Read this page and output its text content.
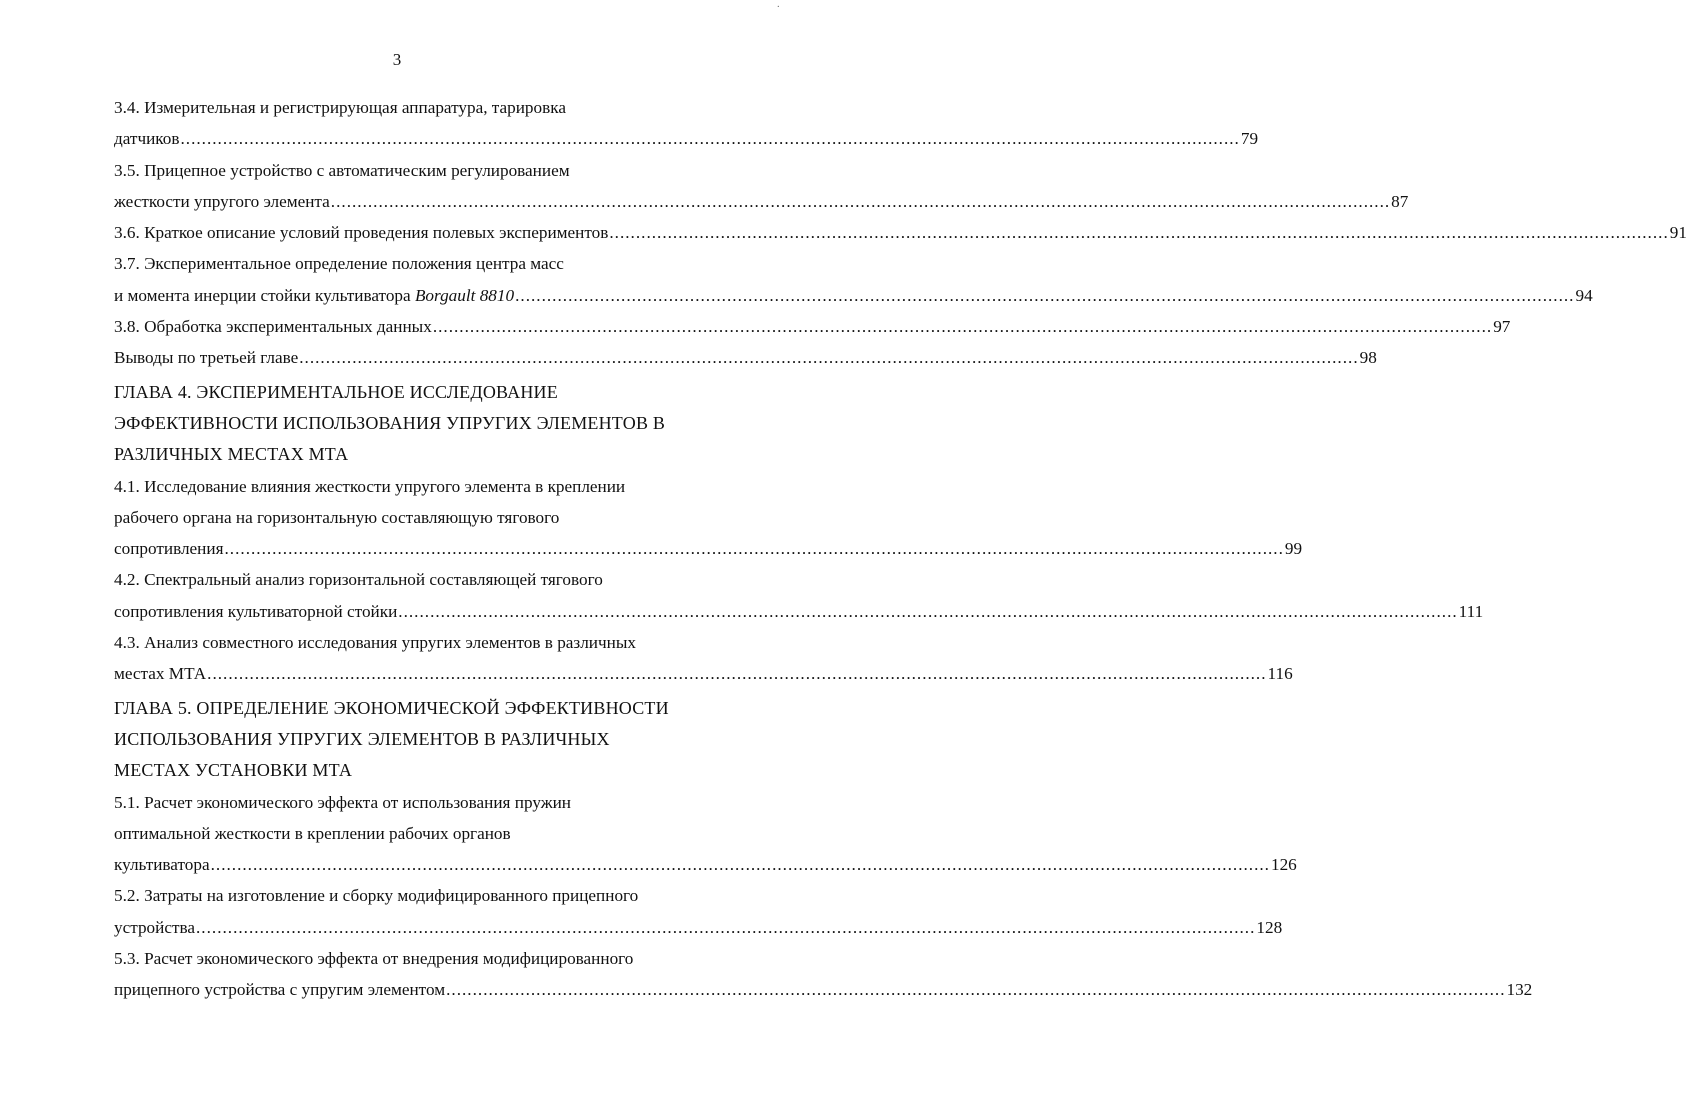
·
3
3.4. Измерительная и регистрирующая аппаратура, тарировка
датчиков ........................................................................................................................................................................................................ 79
3.5. Прицепное устройство с автоматическим регулированием
жесткости упругого элемента ........................................................................................................................................................................................................ 87
3.6. Краткое описание условий проведения полевых экспериментов ........................................................................................................................................................................................................ 91
3.7. Экспериментальное определение положения центра масс
и момента инерции стойки культиватора Borgault 8810 ........................................................................................................................................................................................................ 94
3.8. Обработка экспериментальных данных ........................................................................................................................................................................................................ 97
Выводы по третьей главе ........................................................................................................................................................................................................ 98
ГЛАВА 4. ЭКСПЕРИМЕНТАЛЬНОЕ ИССЛЕДОВАНИЕ
ЭФФЕКТИВНОСТИ ИСПОЛЬЗОВАНИЯ УПРУГИХ ЭЛЕМЕНТОВ В
РАЗЛИЧНЫХ МЕСТАХ МТА
4.1. Исследование влияния жесткости упругого элемента в креплении
рабочего органа на горизонтальную составляющую тягового
сопротивления ........................................................................................................................................................................................................ 99
4.2. Спектральный анализ горизонтальной составляющей тягового
сопротивления культиваторной стойки ........................................................................................................................................................................................................ 111
4.3. Анализ совместного исследования упругих элементов в различных
местах МТА ........................................................................................................................................................................................................ 116
ГЛАВА 5. ОПРЕДЕЛЕНИЕ ЭКОНОМИЧЕСКОЙ ЭФФЕКТИВНОСТИ
ИСПОЛЬЗОВАНИЯ УПРУГИХ ЭЛЕМЕНТОВ В РАЗЛИЧНЫХ
МЕСТАХ УСТАНОВКИ МТА
5.1. Расчет экономического эффекта от использования пружин
оптимальной жесткости в креплении рабочих органов
культиватора ........................................................................................................................................................................................................ 126
5.2. Затраты на изготовление и сборку модифицированного прицепного
устройства ........................................................................................................................................................................................................ 128
5.3. Расчет экономического эффекта от внедрения модифицированного
прицепного устройства с упругим элементом ........................................................................................................................................................................................................ 132
